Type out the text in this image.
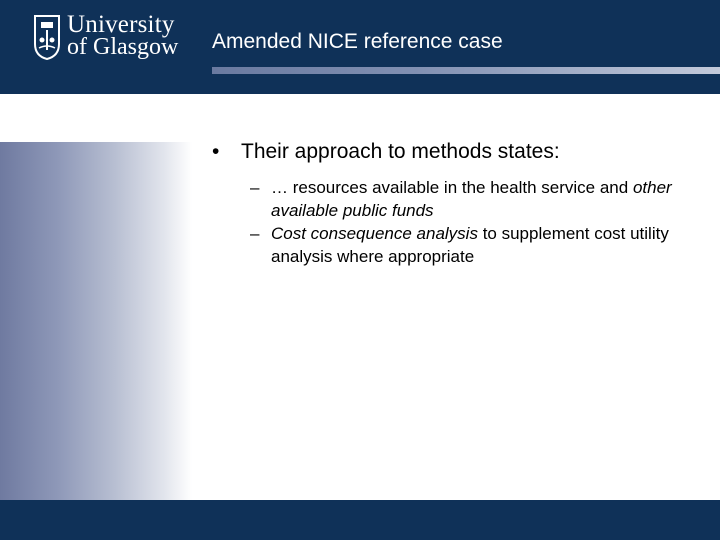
University
of Glasgow Amended NICE reference case
•	Their approach to methods states:
– … resources available in the health service and other available public funds
– Cost consequence analysis to supplement cost utility analysis where appropriate
